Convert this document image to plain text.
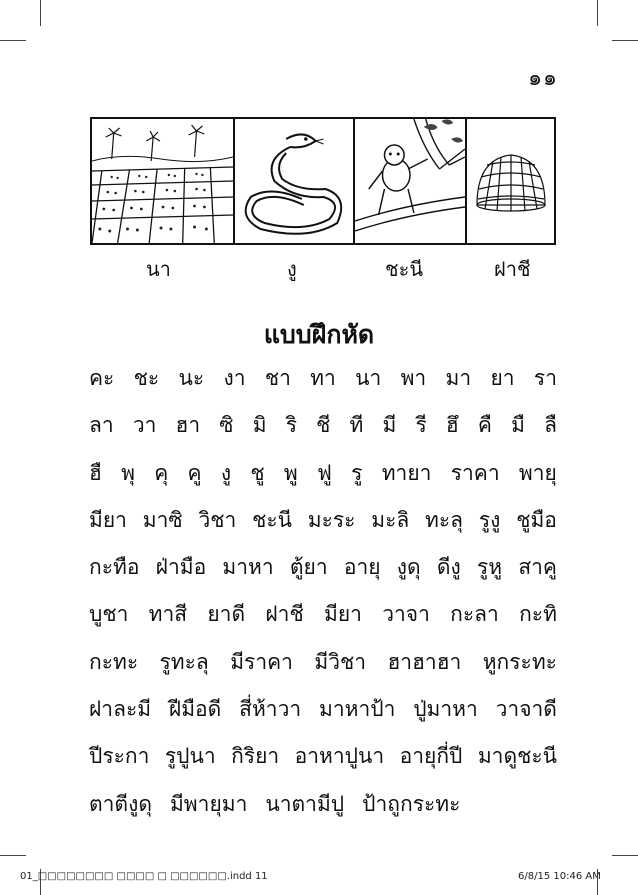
๑๑
นา	งู	ชะนี	ฝาชี
แบบฝึกหัด
คะ ชะ นะ งา ชา ทา นา พา มา ยา รา
ลา วา ฮา ซิ มิ ริ ชี ที มี รี ฮึ คื มื ลื
ฮื พุ คุ คู งู ชู พู ฟู รู ทายา ราคา พายุ
มียา มาซิ วิชา ชะนี มะระ มะลิ ทะลุ รูงู ชูมือ
กะทือ ฝ่ามือ มาหา ตู้ยา อายุ งูดุ ดีงู รูหู สาคู
บูชา ทาสี ยาดี ฝาชี มียา วาจา กะลา กะทิ
กะทะ รูทะลุ มีราคา มีวิชา ฮาฮาฮา หูกระทะ
ฝาละมี ฝีมือดี สี่ห้าวา มาหาป้า ปู่มาหา วาจาดี
ปีระกา รูปูนา กิริยา อาหาปูนา อายุกี่ปี มาดูชะนี
ตาตีงูดุ มีพายุมา นาตามีปู ป้าถูกระทะ
01_□□□□□□□□ □□□□ □ □□□□□□.indd 11	6/8/15 10:46 AM
